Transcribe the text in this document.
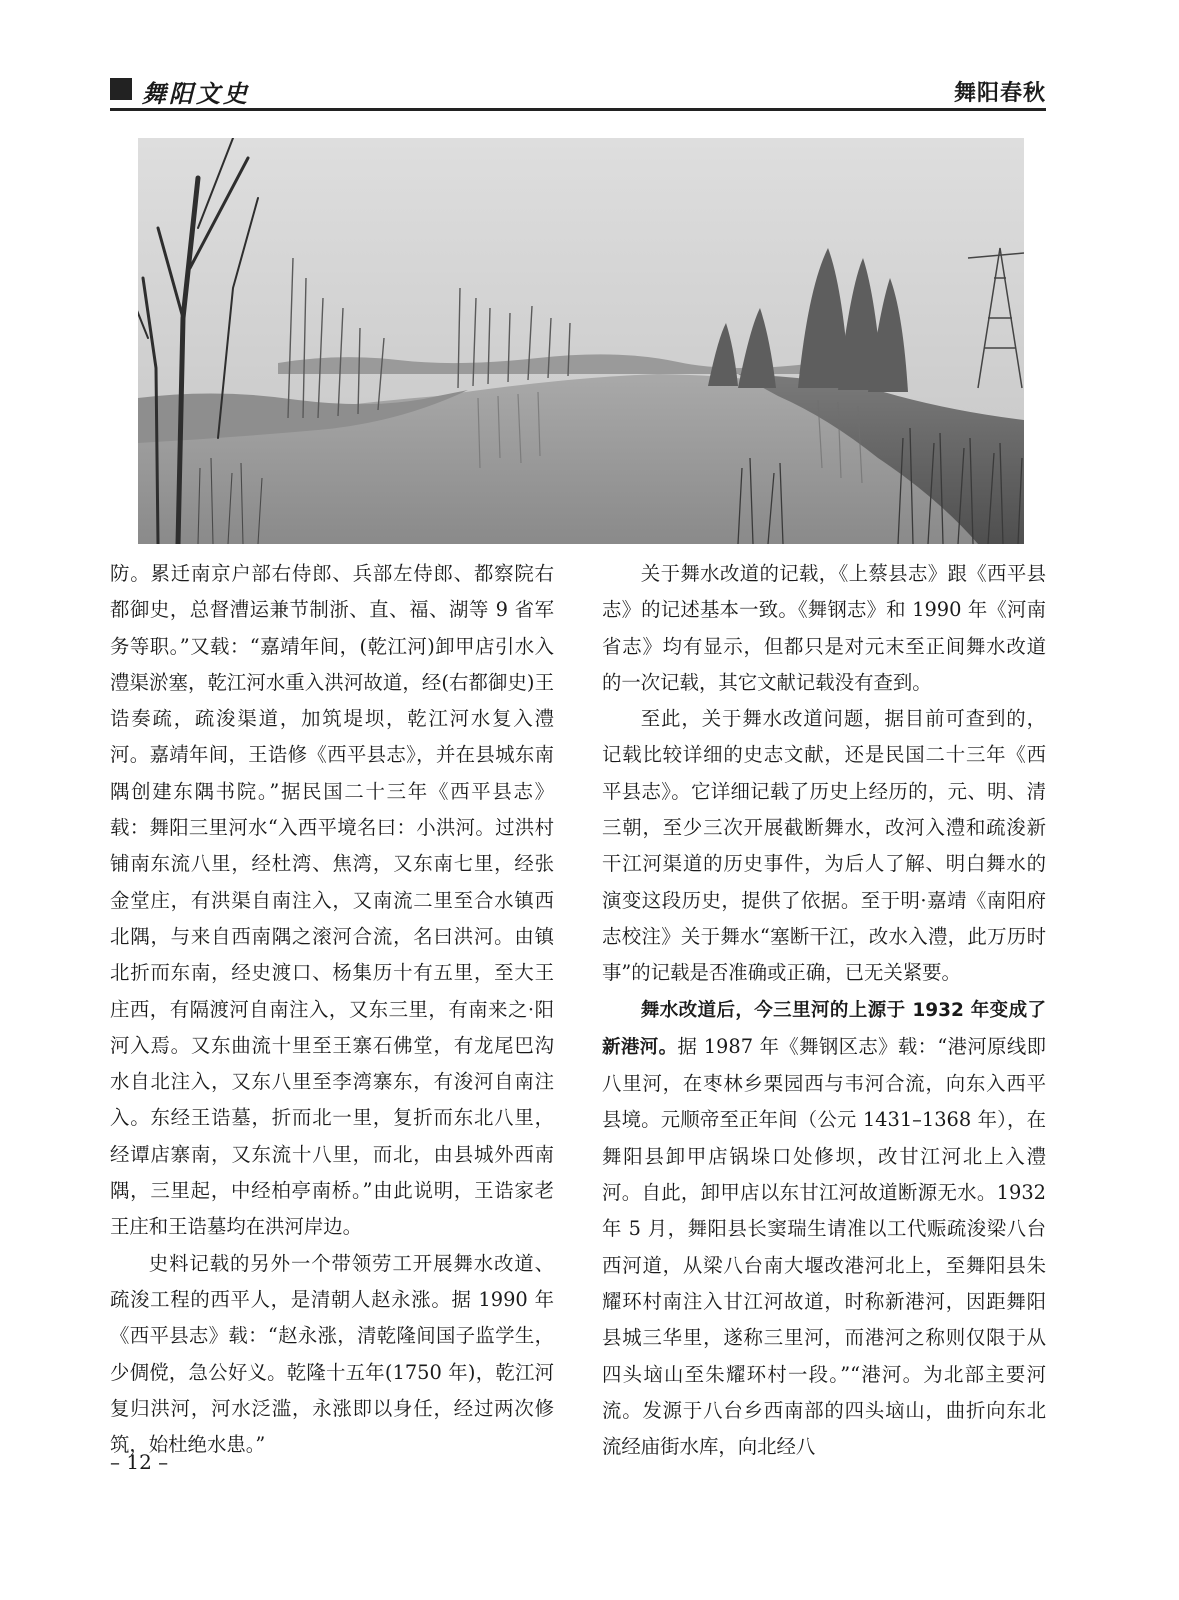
舞阳文史	舞阳春秋

防。累迁南京户部右侍郎、兵部左侍郎、都察院右都御史，总督漕运兼节制浙、直、福、湖等 9 省军务等职。”又载：“嘉靖年间，(乾江河)卸甲店引水入澧渠淤塞，乾江河水重入洪河故道，经(右都御史)王诰奏疏，疏浚渠道，加筑堤坝，乾江河水复入澧河。嘉靖年间，王诰修《西平县志》，并在县城东南隅创建东隅书院。”据民国二十三年《西平县志》载：舞阳三里河水“入西平境名曰：小洪河。过洪村铺南东流八里，经杜湾、焦湾，又东南七里，经张金堂庄，有洪渠自南注入，又南流二里至合水镇西北隅，与来自西南隅之滚河合流，名曰洪河。由镇北折而东南，经史渡口、杨集历十有五里，至大王庄西，有隔渡河自南注入，又东三里，有南来之·阳河入焉。又东曲流十里至王寨石佛堂，有龙尾巴沟水自北注入，又东八里至李湾寨东，有浚河自南注入。东经王诰墓，折而北一里，复折而东北八里，经谭店寨南，又东流十八里，而北，由县城外西南隅，三里起，中经柏亭南桥。”由此说明，王诰家老王庄和王诰墓均在洪河岸边。

史料记载的另外一个带领劳工开展舞水改道、疏浚工程的西平人，是清朝人赵永涨。据 1990 年《西平县志》载：“赵永涨，清乾隆间国子监学生，少倜傥，急公好义。乾隆十五年(1750 年)，乾江河复归洪河，河水泛滥，永涨即以身任，经过两次修筑，始杜绝水患。”

关于舞水改道的记载，《上蔡县志》跟《西平县志》的记述基本一致。《舞钢志》和 1990 年《河南省志》均有显示，但都只是对元末至正间舞水改道的一次记载，其它文献记载没有查到。

至此，关于舞水改道问题，据目前可查到的，记载比较详细的史志文献，还是民国二十三年《西平县志》。它详细记载了历史上经历的，元、明、清三朝，至少三次开展截断舞水，改河入澧和疏浚新干江河渠道的历史事件，为后人了解、明白舞水的演变这段历史，提供了依据。至于明·嘉靖《南阳府志校注》关于舞水“塞断干江，改水入澧，此万历时事”的记载是否准确或正确，已无关紧要。

舞水改道后，今三里河的上源于 1932 年变成了新港河。据 1987 年《舞钢区志》载：“港河原线即八里河，在枣林乡栗园西与韦河合流，向东入西平县境。元顺帝至正年间（公元 1431–1368 年），在舞阳县卸甲店锅垛口处修坝，改甘江河北上入澧河。自此，卸甲店以东甘江河故道断源无水。1932 年 5 月，舞阳县长窦瑞生请准以工代赈疏浚梁八台西河道，从梁八台南大堰改港河北上，至舞阳县朱耀环村南注入甘江河故道，时称新港河，因距舞阳县城三华里，遂称三里河，而港河之称则仅限于从四头垴山至朱耀环村一段。”“港河。为北部主要河流。发源于八台乡西南部的四头垴山，曲折向东北流经庙街水库，向北经八

– 12 –
